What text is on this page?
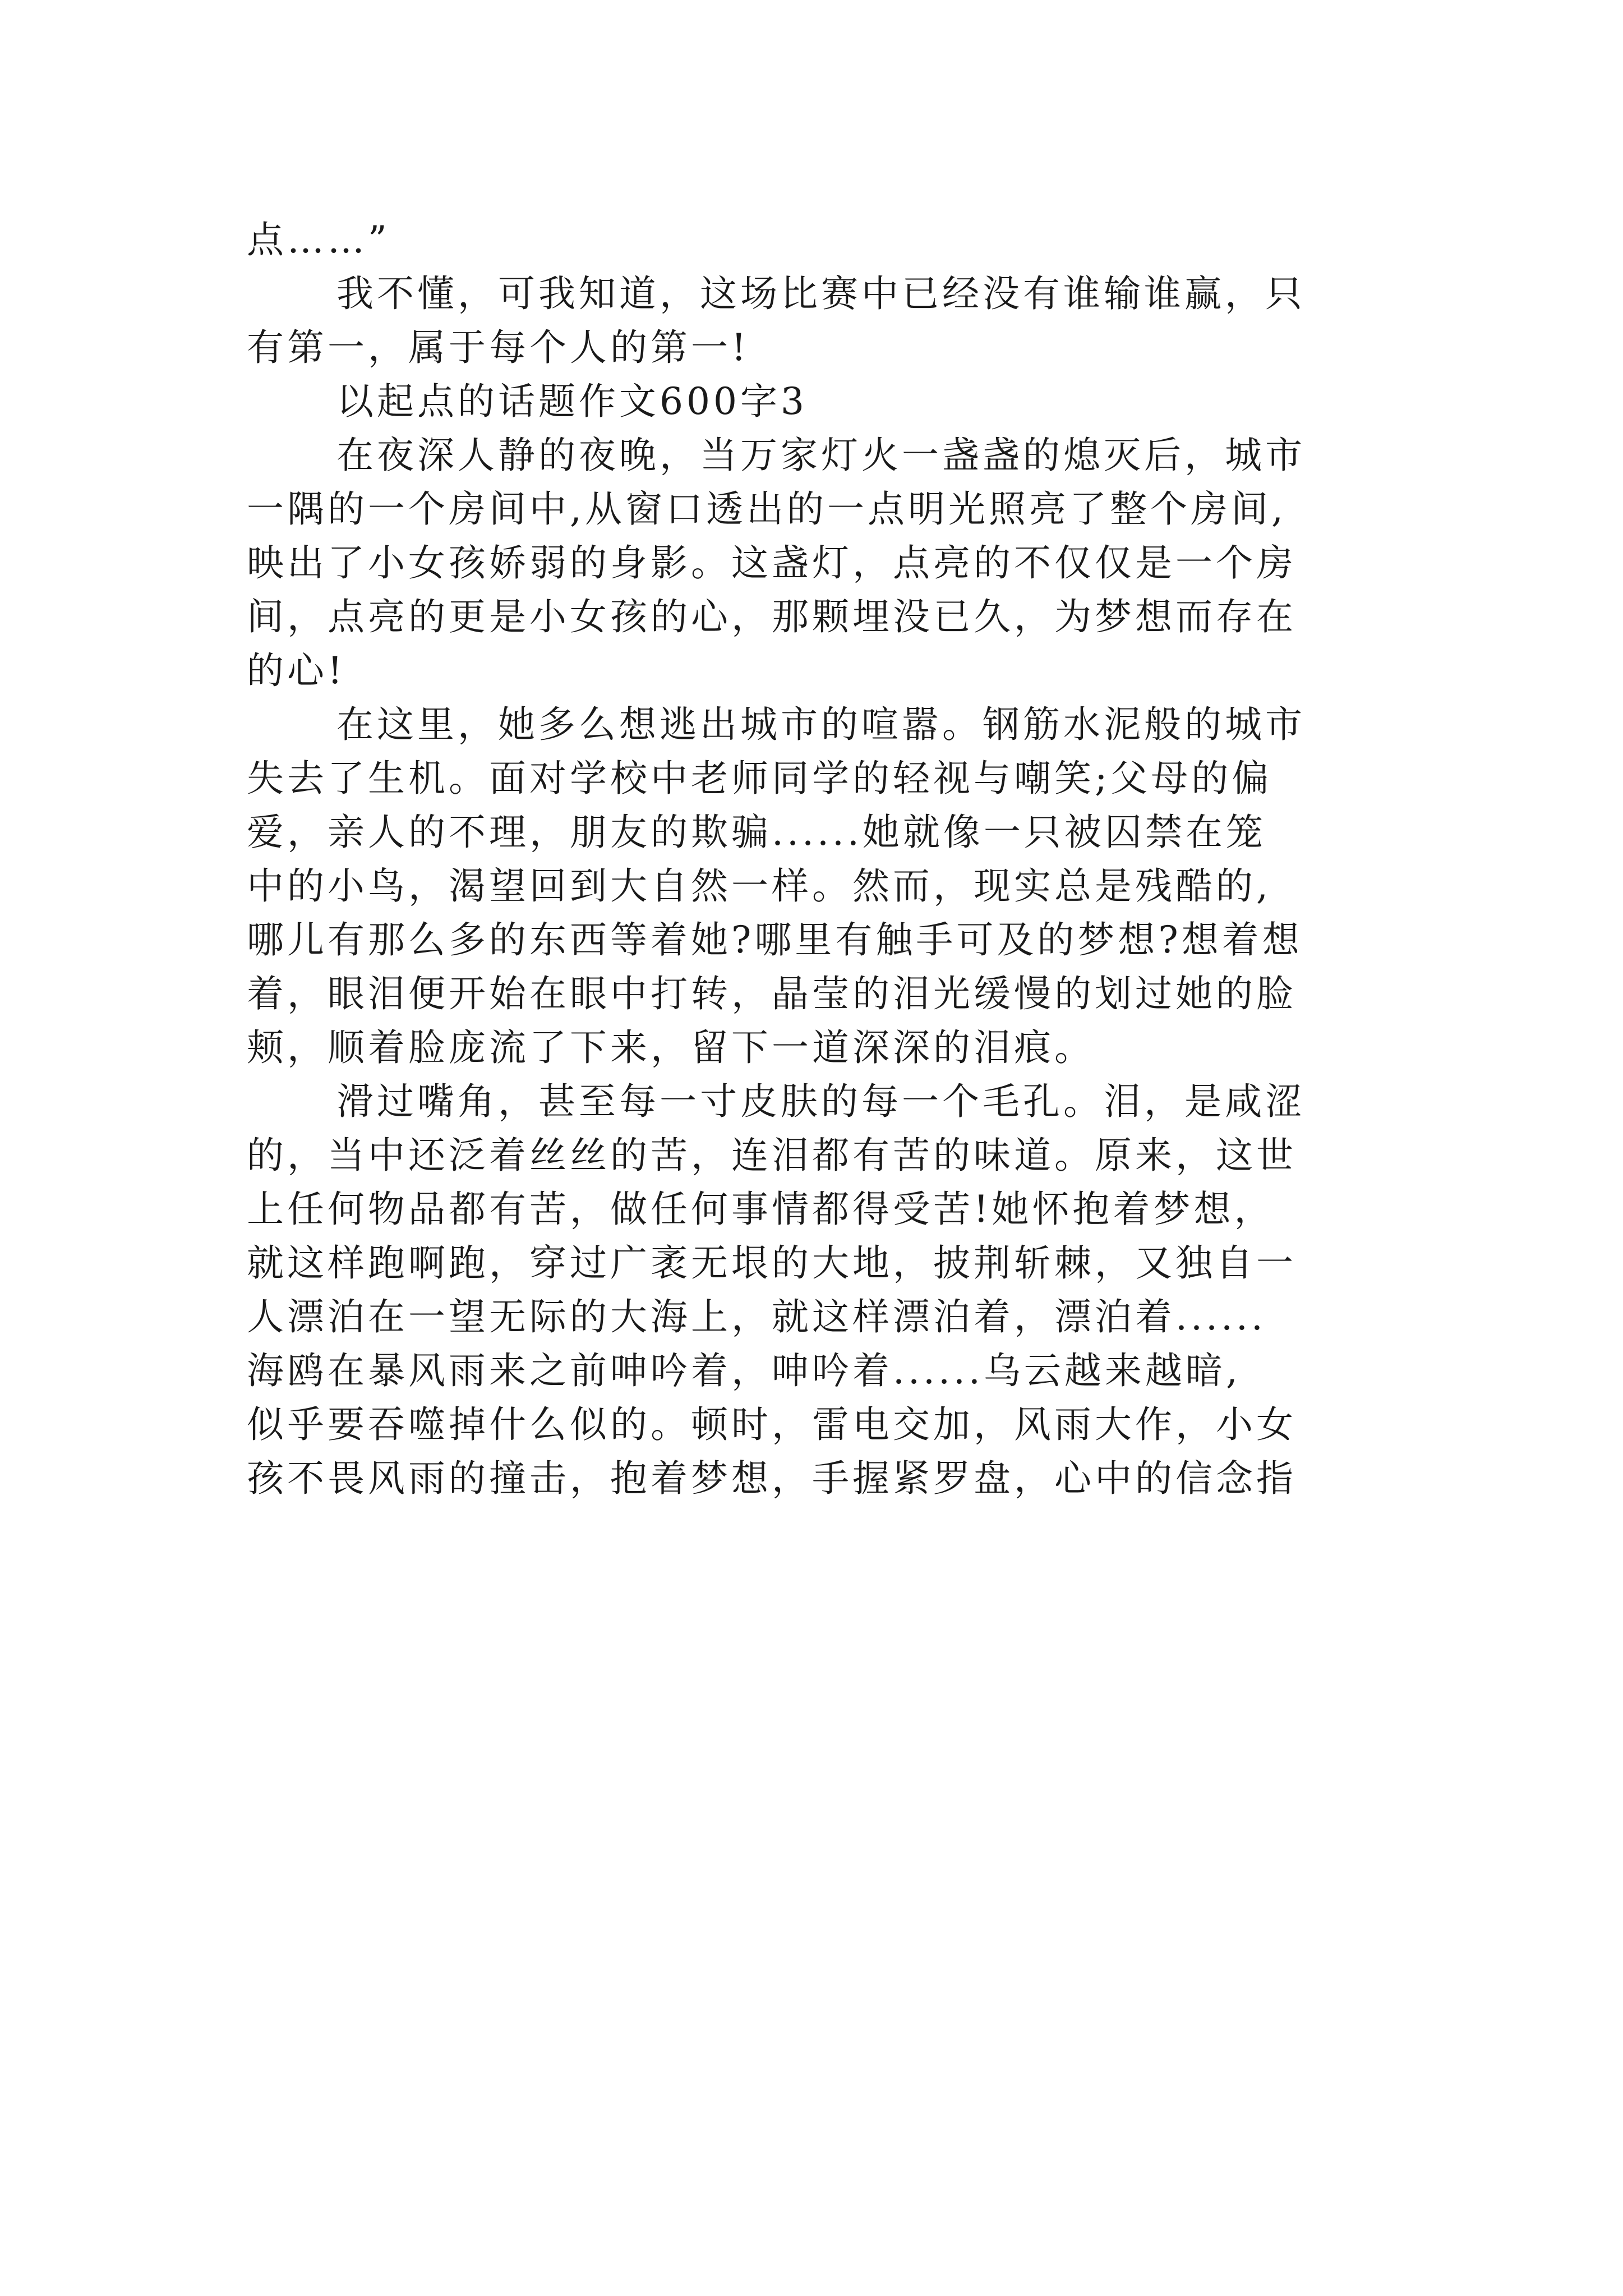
点……”
我不懂，可我知道，这场比赛中已经没有谁输谁赢，只
有第一，属于每个人的第一!
以起点的话题作文600字3
在夜深人静的夜晚，当万家灯火一盏盏的熄灭后，城市
一隅的一个房间中,从窗口透出的一点明光照亮了整个房间,
映出了小女孩娇弱的身影。这盏灯，点亮的不仅仅是一个房
间，点亮的更是小女孩的心，那颗埋没已久，为梦想而存在
的心!
在这里，她多么想逃出城市的喧嚣。钢筋水泥般的城市
失去了生机。面对学校中老师同学的轻视与嘲笑;父母的偏
爱，亲人的不理，朋友的欺骗......她就像一只被囚禁在笼
中的小鸟，渴望回到大自然一样。然而，现实总是残酷的,
哪儿有那么多的东西等着她?哪里有触手可及的梦想?想着想
着，眼泪便开始在眼中打转，晶莹的泪光缓慢的划过她的脸
颊，顺着脸庞流了下来，留下一道深深的泪痕。
滑过嘴角，甚至每一寸皮肤的每一个毛孔。泪，是咸涩
的，当中还泛着丝丝的苦，连泪都有苦的味道。原来，这世
上任何物品都有苦，做任何事情都得受苦!她怀抱着梦想，
就这样跑啊跑，穿过广袤无垠的大地，披荆斩棘，又独自一
人漂泊在一望无际的大海上，就这样漂泊着，漂泊着......
海鸥在暴风雨来之前呻吟着，呻吟着......乌云越来越暗,
似乎要吞噬掉什么似的。顿时，雷电交加，风雨大作，小女
孩不畏风雨的撞击，抱着梦想，手握紧罗盘，心中的信念指
